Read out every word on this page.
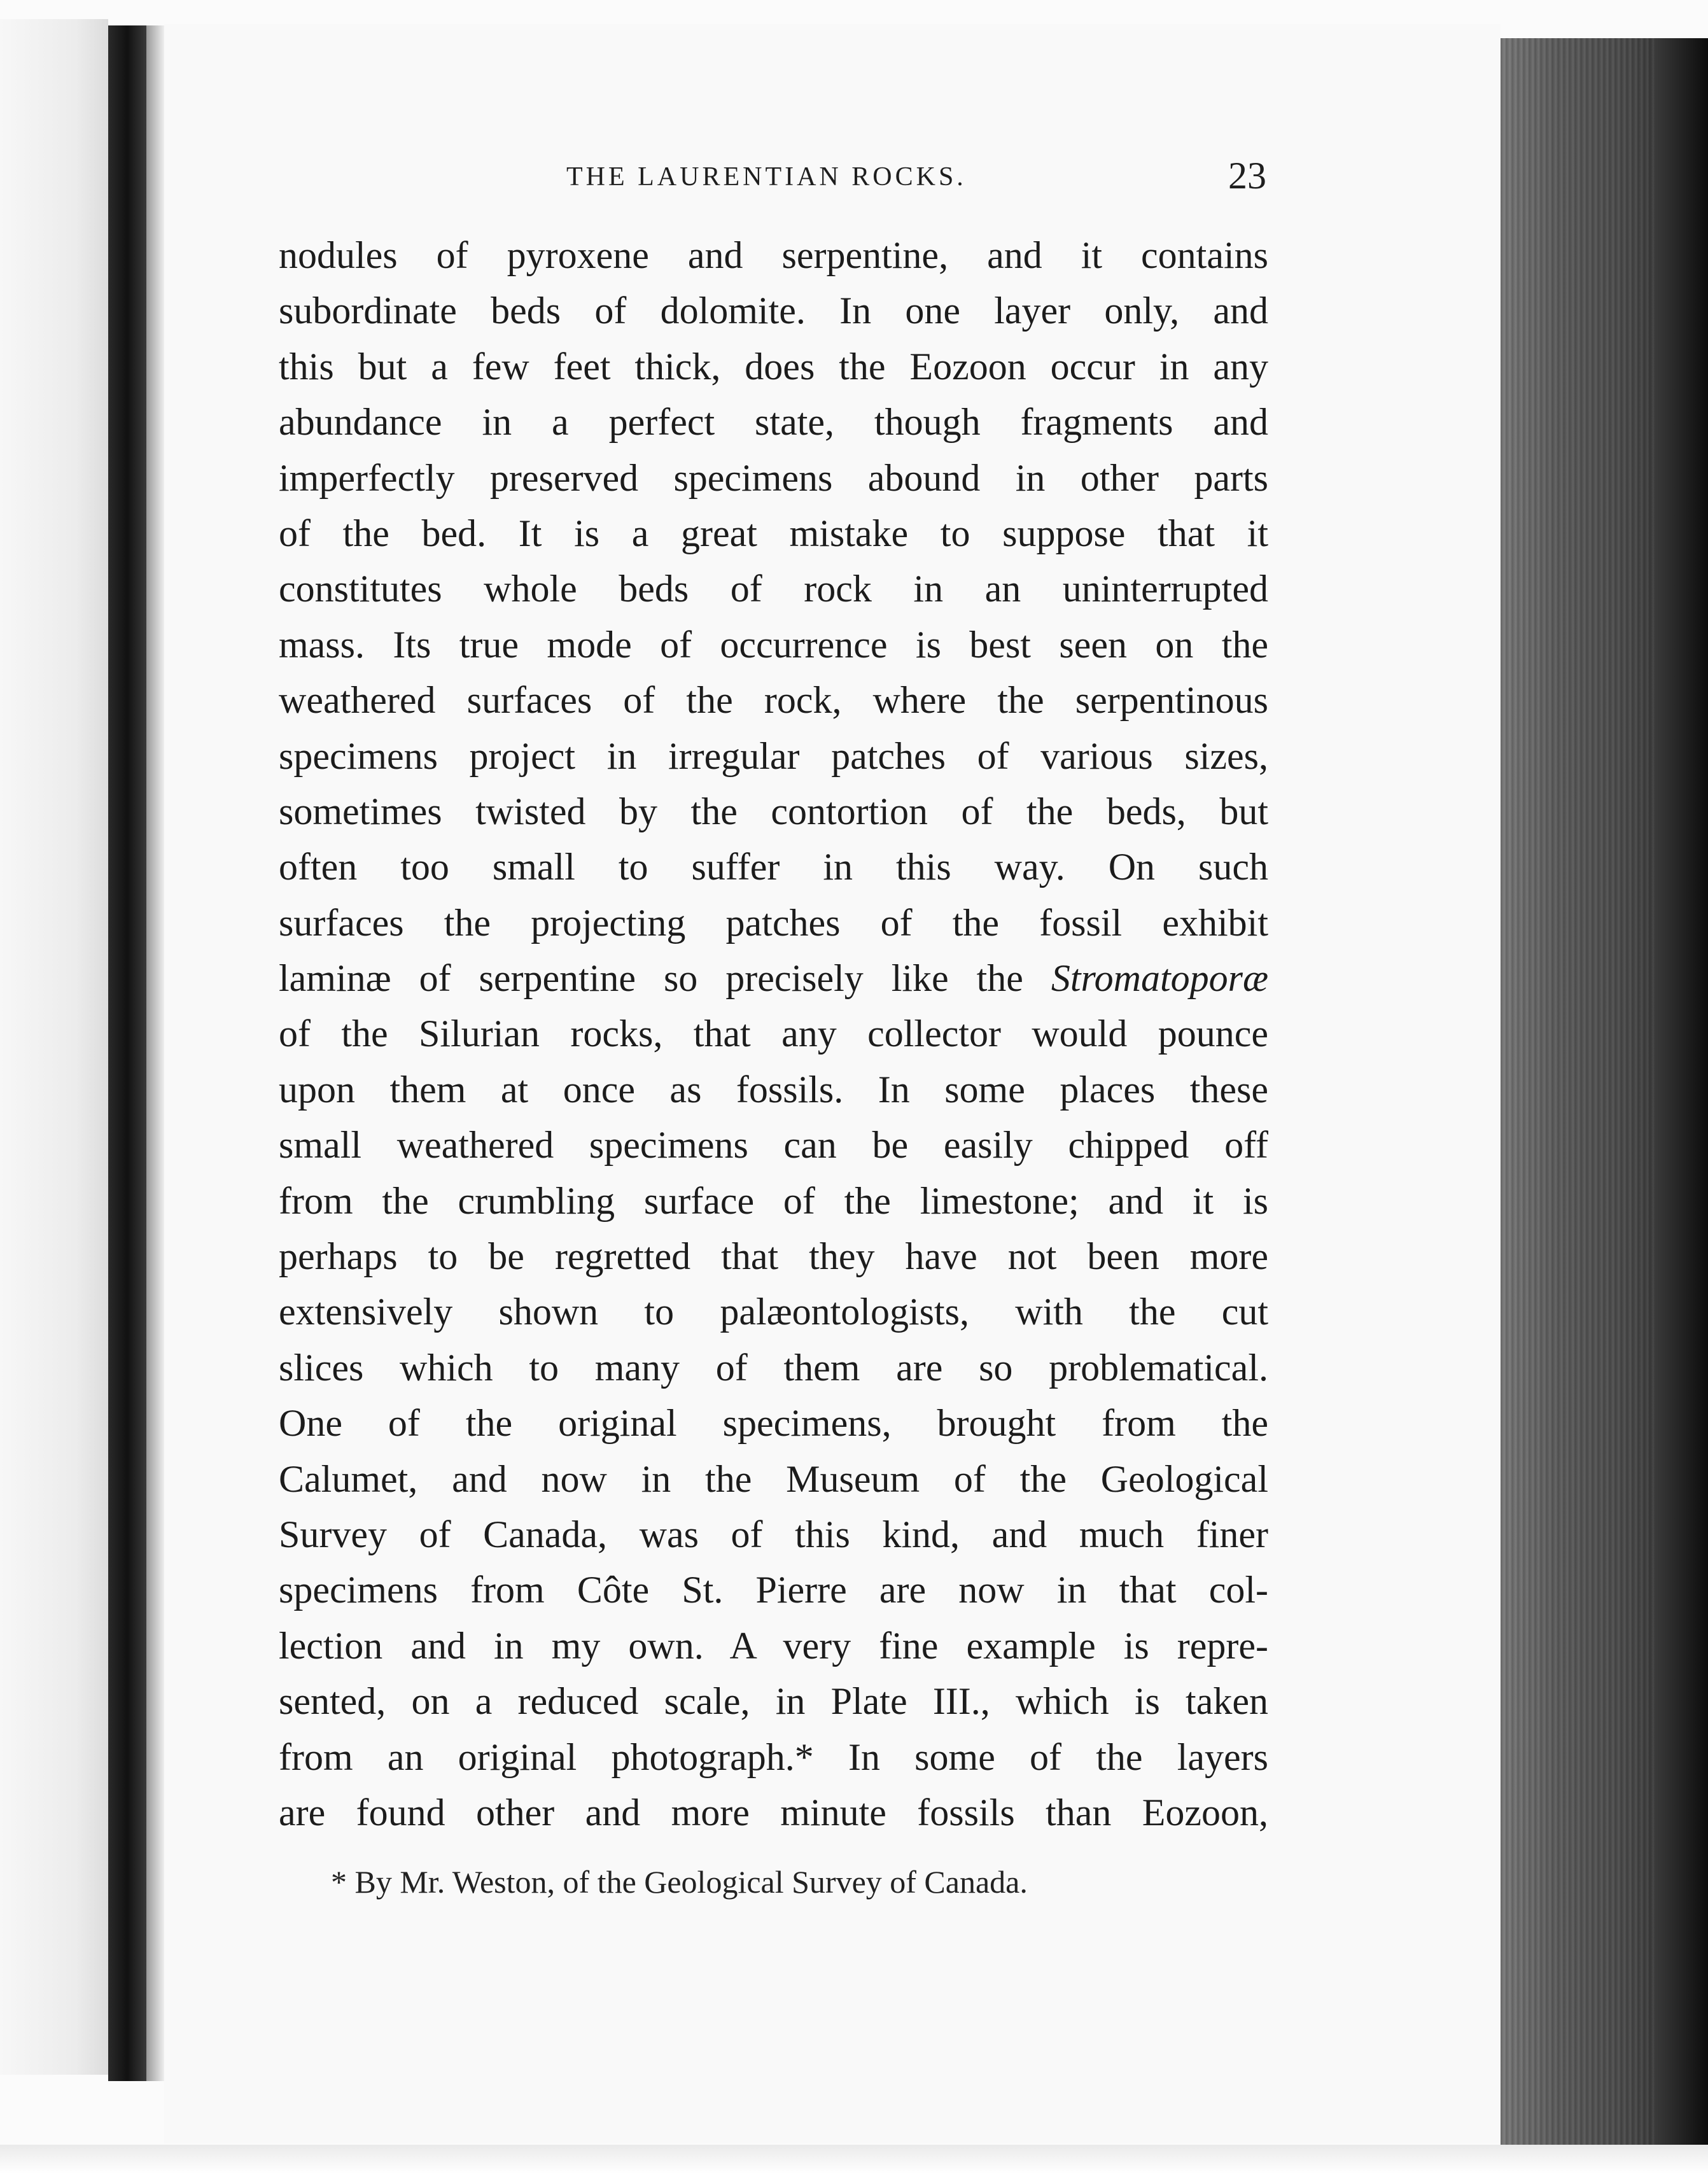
THE LAURENTIAN ROCKS.	23
nodules of pyroxene and serpentine, and it contains
subordinate beds of dolomite. In one layer only, and
this but a few feet thick, does the Eozoon occur in any
abundance in a perfect state, though fragments and
imperfectly preserved specimens abound in other parts
of the bed. It is a great mistake to suppose that it
constitutes whole beds of rock in an uninterrupted
mass. Its true mode of occurrence is best seen on the
weathered surfaces of the rock, where the serpentinous
specimens project in irregular patches of various sizes,
sometimes twisted by the contortion of the beds, but
often too small to suffer in this way. On such
surfaces the projecting patches of the fossil exhibit
laminæ of serpentine so precisely like the Stromatoporæ
of the Silurian rocks, that any collector would pounce
upon them at once as fossils. In some places these
small weathered specimens can be easily chipped off
from the crumbling surface of the limestone; and it is
perhaps to be regretted that they have not been more
extensively shown to palæontologists, with the cut
slices which to many of them are so problematical.
One of the original specimens, brought from the
Calumet, and now in the Museum of the Geological
Survey of Canada, was of this kind, and much finer
specimens from Côte St. Pierre are now in that col-
lection and in my own. A very fine example is repre-
sented, on a reduced scale, in Plate III., which is taken
from an original photograph.* In some of the layers
are found other and more minute fossils than Eozoon,
* By Mr. Weston, of the Geological Survey of Canada.
